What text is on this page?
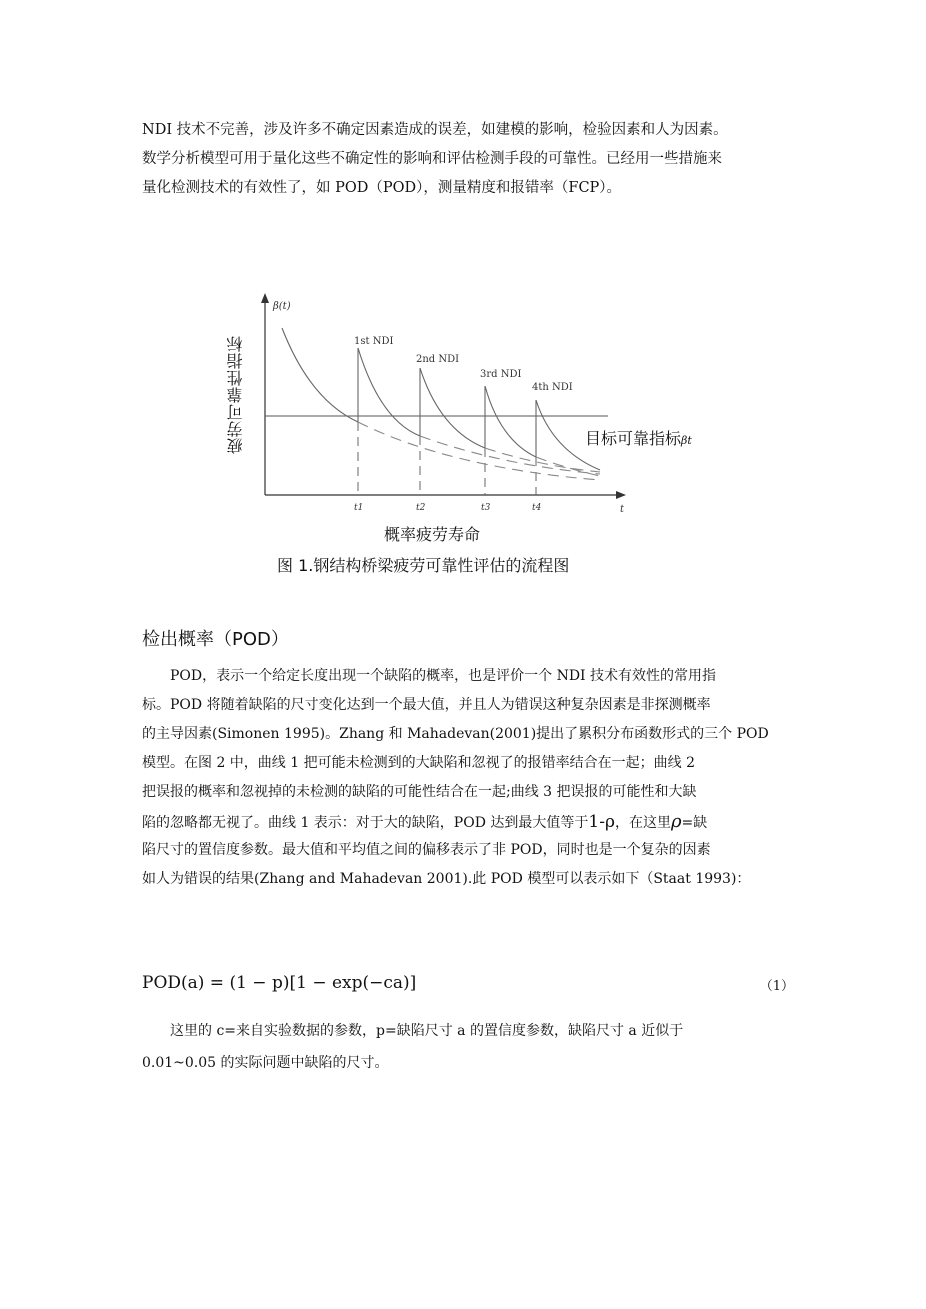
NDI 技术不完善，涉及许多不确定因素造成的误差，如建模的影响，检验因素和人为因素。
数学分析模型可用于量化这些不确定性的影响和评估检测手段的可靠性。已经用一些措施来
量化检测技术的有效性了，如 POD（POD），测量精度和报错率（FCP）。
疲劳可靠性指标
β(t)
t
1st NDI
2nd NDI
3rd NDI
4th NDI
t1	t2	t3	t4
目标可靠指标βt
概率疲劳寿命
图 1.钢结构桥梁疲劳可靠性评估的流程图
检出概率（POD）
POD，表示一个给定长度出现一个缺陷的概率，也是评价一个 NDI 技术有效性的常用指
标。POD 将随着缺陷的尺寸变化达到一个最大值，并且人为错误这种复杂因素是非探测概率
的主导因素(Simonen 1995)。Zhang 和 Mahadevan(2001)提出了累积分布函数形式的三个 POD
模型。在图 2 中，曲线 1 把可能未检测到的大缺陷和忽视了的报错率结合在一起；曲线 2
把误报的概率和忽视掉的未检测的缺陷的可能性结合在一起;曲线 3 把误报的可能性和大缺
陷的忽略都无视了。曲线 1 表示：对于大的缺陷，POD 达到最大值等于1-ρ，在这里ρ=缺
陷尺寸的置信度参数。最大值和平均值之间的偏移表示了非 POD，同时也是一个复杂的因素
如人为错误的结果(Zhang and Mahadevan 2001).此 POD 模型可以表示如下（Staat 1993)：
POD(a) = (1 − p)[1 − exp(−ca)]	（1）
这里的 c=来自实验数据的参数，p=缺陷尺寸 a 的置信度参数，缺陷尺寸 a 近似于
0.01~0.05 的实际问题中缺陷的尺寸。
